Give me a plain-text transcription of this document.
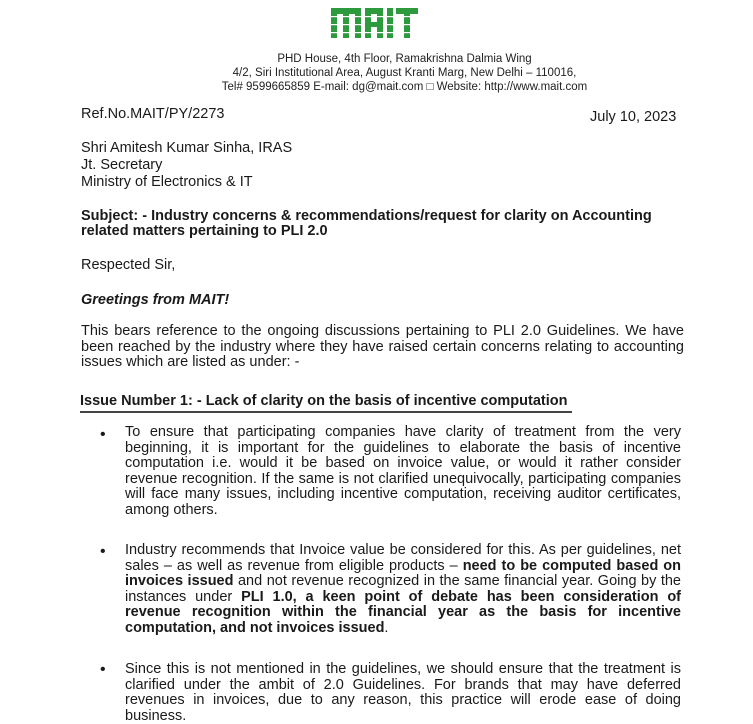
PHD House, 4th Floor, Ramakrishna Dalmia Wing
4/2, Siri Institutional Area, August Kranti Marg, New Delhi – 110016,
Tel# 9599665859 E-mail: dg@mait.com □ Website: http://www.mait.com
Ref.No.MAIT/PY/2273	July 10, 2023
Shri Amitesh Kumar Sinha, IRAS
Jt. Secretary
Ministry of Electronics & IT
Subject: - Industry concerns & recommendations/request for clarity on Accounting related matters pertaining to PLI 2.0
Respected Sir,
Greetings from MAIT!
This bears reference to the ongoing discussions pertaining to PLI 2.0 Guidelines. We have been reached by the industry where they have raised certain concerns relating to accounting issues which are listed as under: -
Issue Number 1: - Lack of clarity on the basis of incentive computation
• To ensure that participating companies have clarity of treatment from the very beginning, it is important for the guidelines to elaborate the basis of incentive computation i.e. would it be based on invoice value, or would it rather consider revenue recognition. If the same is not clarified unequivocally, participating companies will face many issues, including incentive computation, receiving auditor certificates, among others.
• Industry recommends that Invoice value be considered for this. As per guidelines, net sales – as well as revenue from eligible products – need to be computed based on invoices issued and not revenue recognized in the same financial year. Going by the instances under PLI 1.0, a keen point of debate has been consideration of revenue recognition within the financial year as the basis for incentive computation, and not invoices issued.
• Since this is not mentioned in the guidelines, we should ensure that the treatment is clarified under the ambit of 2.0 Guidelines. For brands that may have deferred revenues in invoices, due to any reason, this practice will erode ease of doing business.
